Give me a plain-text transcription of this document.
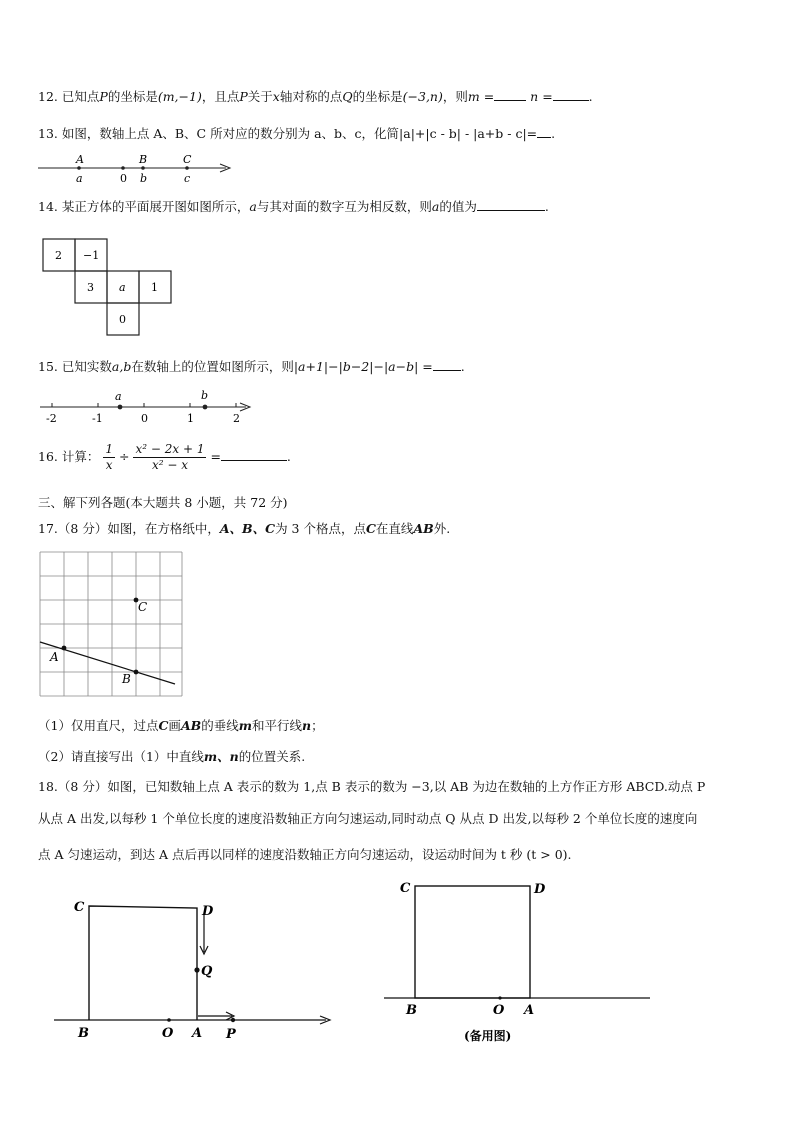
12. 已知点P的坐标是(m,−1)，且点P关于x轴对称的点Q的坐标是(−3,n)，则m =	n =	.
13. 如图，数轴上点 A、B、C 所对应的数分别为 a、b、c，化简|a|+|c - b| - |a+b - c|= .
A	B	C
a	0 b	c
14. 某正方体的平面展开图如图所示，a与其对面的数字互为相反数，则a的值为	.
2 −1
3 a 1
0
15. 已知实数a,b在数轴上的位置如图所示，则|a+1|−|b−2|−|a−b| = .
a	b
-2	-1	0	1	2
16. 计算： $\frac{1}{x} \div \frac{\text{x² − 2x + 1}}{\text{x² − x}}$ =	.
三、解下列各题(本大题共 8 小题，共 72 分)
17.（8 分）如图，在方格纸中，A、B、C为 3 个格点，点C在直线AB外.
A
B
C
（1）仅用直尺，过点C画AB的垂线m和平行线n；
（2）请直接写出（1）中直线m、n的位置关系.
18.（8 分）如图，已知数轴上点 A 表示的数为 1,点 B 表示的数为 −3,以 AB 为边在数轴的上方作正方形 ABCD.动点 P
从点 A 出发,以每秒 1 个单位长度的速度沿数轴正方向匀速运动,同时动点 Q 从点 D 出发,以每秒 2 个单位长度的速度向
点 A 匀速运动，到达 A 点后再以同样的速度沿数轴正方向匀速运动，设运动时间为 t 秒 (t > 0).
C	D
Q
B	O A P
C	D
B	O A
(备用图)
